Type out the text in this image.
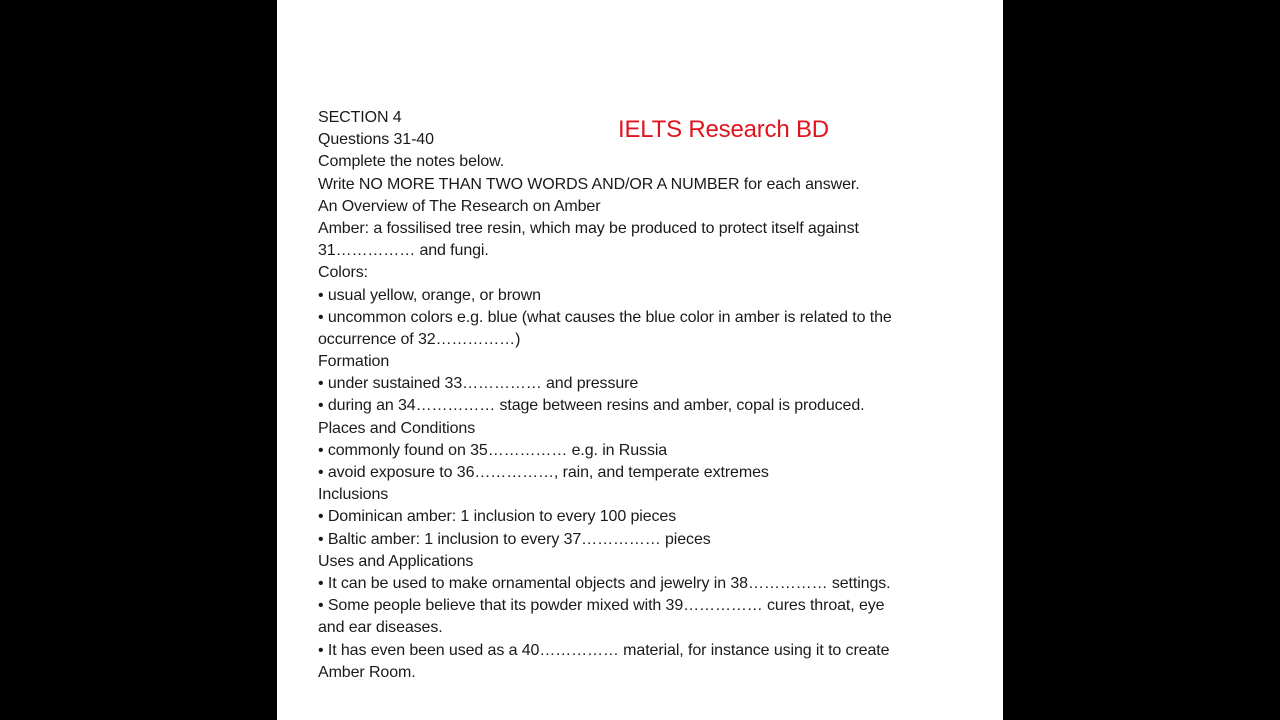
IELTS Research BD
SECTION 4
Questions 31-40
Complete the notes below.
Write NO MORE THAN TWO WORDS AND/OR A NUMBER for each answer.
An Overview of The Research on Amber
Amber: a fossilised tree resin, which may be produced to protect itself against
31…………… and fungi.
Colors:
• usual yellow, orange, or brown
• uncommon colors e.g. blue (what causes the blue color in amber is related to the
occurrence of 32……………)
Formation
• under sustained 33…………… and pressure
• during an 34…………… stage between resins and amber, copal is produced.
Places and Conditions
• commonly found on 35…………… e.g. in Russia
• avoid exposure to 36……………, rain, and temperate extremes
Inclusions
• Dominican amber: 1 inclusion to every 100 pieces
• Baltic amber: 1 inclusion to every 37…………… pieces
Uses and Applications
• It can be used to make ornamental objects and jewelry in 38…………… settings.
• Some people believe that its powder mixed with 39…………… cures throat, eye
and ear diseases.
• It has even been used as a 40…………… material, for instance using it to create
Amber Room.
